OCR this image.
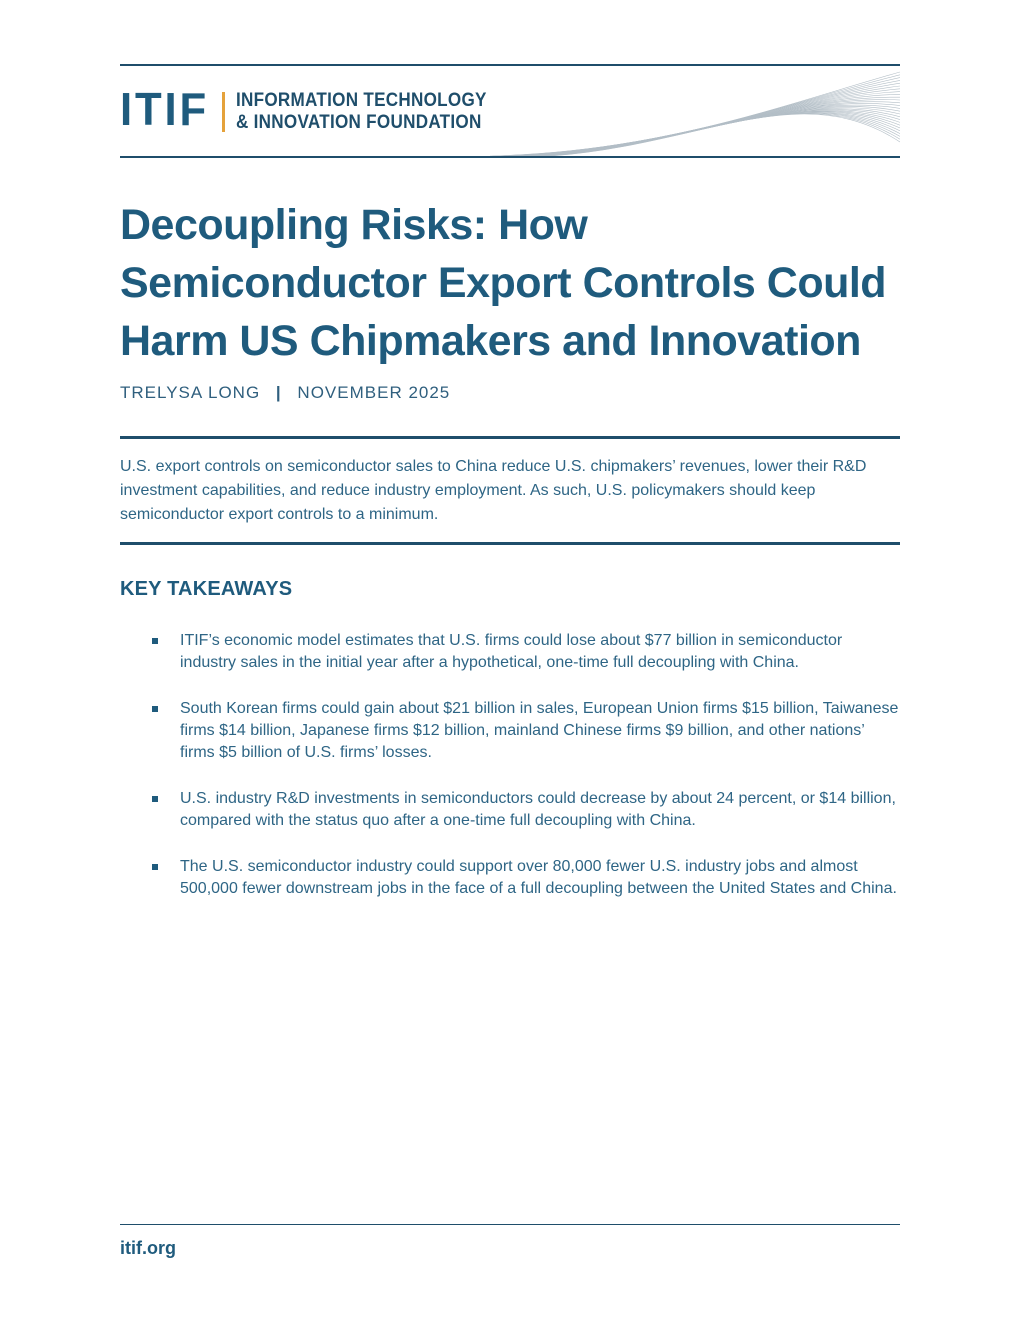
ITIF INFORMATION TECHNOLOGY
& INNOVATION FOUNDATION
Decoupling Risks: How Semiconductor Export Controls Could Harm US Chipmakers and Innovation
TRELYSA LONG | NOVEMBER 2025

U.S. export controls on semiconductor sales to China reduce U.S. chipmakers’ revenues, lower their R&D investment capabilities, and reduce industry employment. As such, U.S. policymakers should keep semiconductor export controls to a minimum.

KEY TAKEAWAYS
ITIF’s economic model estimates that U.S. firms could lose about $77 billion in semiconductor industry sales in the initial year after a hypothetical, one-time full decoupling with China.
South Korean firms could gain about $21 billion in sales, European Union firms $15 billion, Taiwanese firms $14 billion, Japanese firms $12 billion, mainland Chinese firms $9 billion, and other nations’ firms $5 billion of U.S. firms’ losses.
U.S. industry R&D investments in semiconductors could decrease by about 24 percent, or $14 billion, compared with the status quo after a one-time full decoupling with China.
The U.S. semiconductor industry could support over 80,000 fewer U.S. industry jobs and almost 500,000 fewer downstream jobs in the face of a full decoupling between the United States and China.
itif.org
